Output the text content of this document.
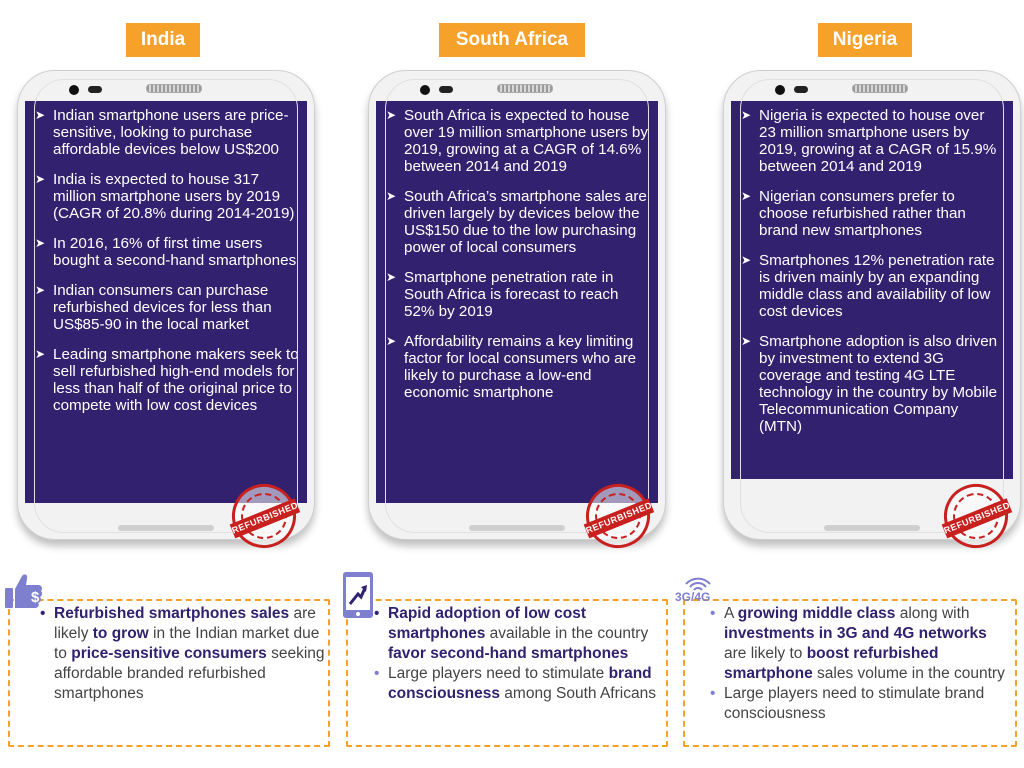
India	South Africa	Nigeria
➤ Indian smartphone users are price-sensitive, looking to purchase affordable devices below US$200
➤ India is expected to house 317 million smartphone users by 2019 (CAGR of 20.8% during 2014-2019)
➤ In 2016, 16% of first time users bought a second-hand smartphones
➤ Indian consumers can purchase refurbished devices for less than US$85-90 in the local market
➤ Leading smartphone makers seek to sell refurbished high-end models for less than half of the original price to compete with low cost devices
➤ South Africa is expected to house over 19 million smartphone users by 2019, growing at a CAGR of 14.6% between 2014 and 2019
➤ South Africa’s smartphone sales are driven largely by devices below the US$150 due to the low purchasing power of local consumers
➤ Smartphone penetration rate in South Africa is forecast to reach 52% by 2019
➤ Affordability remains a key limiting factor for local consumers who are likely to purchase a low-end economic smartphone
➤ Nigeria is expected to house over 23 million smartphone users by 2019, growing at a CAGR of 15.9% between 2014 and 2019
➤ Nigerian consumers prefer to choose refurbished rather than brand new smartphones
➤ Smartphones 12% penetration rate is driven mainly by an expanding middle class and availability of low cost devices
➤ Smartphone adoption is also driven by investment to extend 3G coverage and testing 4G LTE technology in the country by Mobile Telecommunication Company (MTN)
REFURBISHED	REFURBISHED	REFURBISHED
$	3G/4G
• Refurbished smartphones sales are likely to grow in the Indian market due to price-sensitive consumers seeking affordable branded refurbished smartphones
• Rapid adoption of low cost smartphones available in the country favor second-hand smartphones
• Large players need to stimulate brand consciousness among South Africans
• A growing middle class along with investments in 3G and 4G networks are likely to boost refurbished smartphone sales volume in the country
• Large players need to stimulate brand consciousness
